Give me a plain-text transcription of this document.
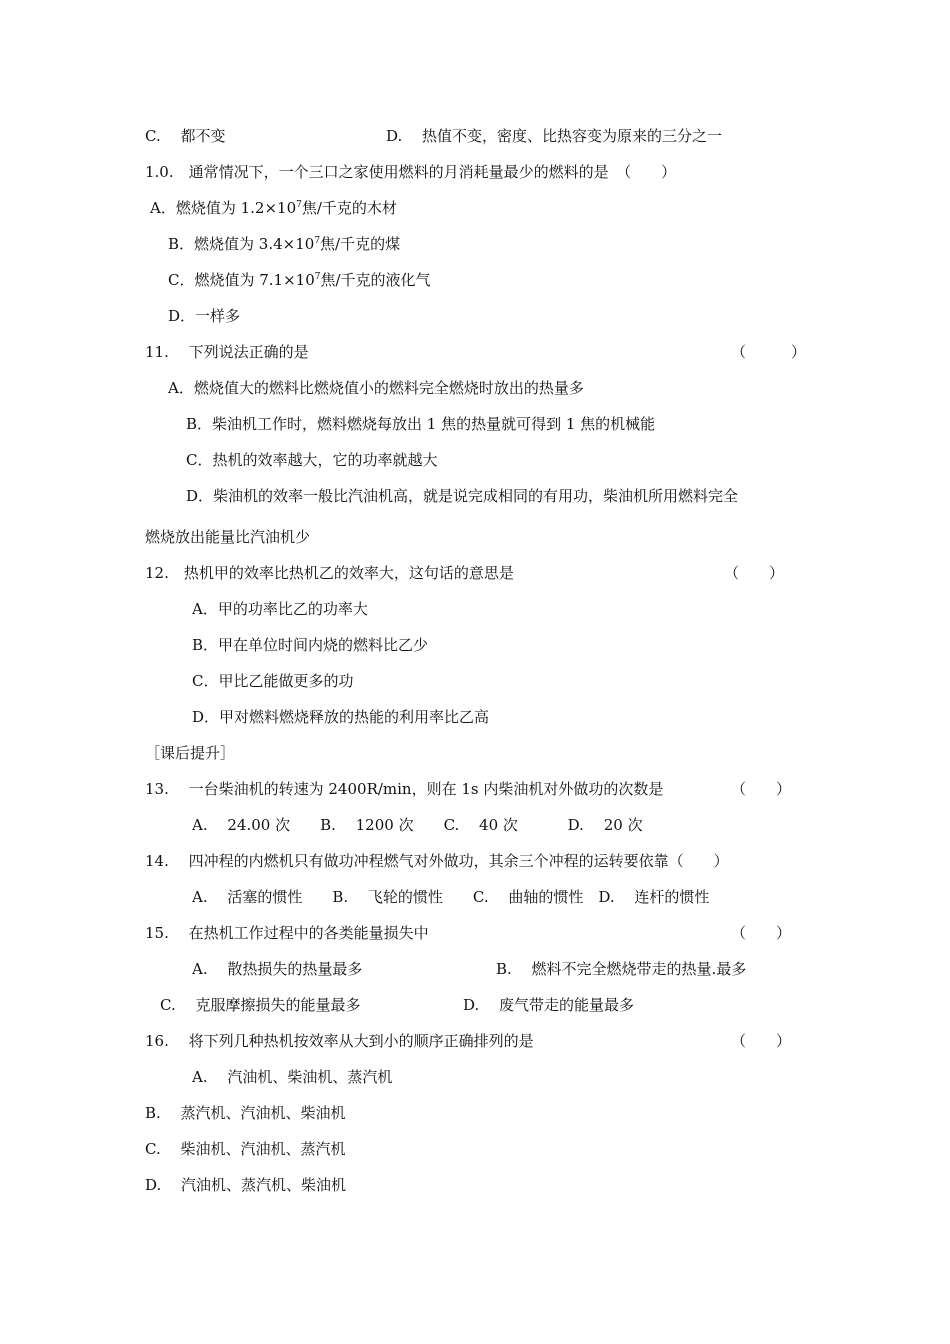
C.　 都不变	D.　 热值不变，密度、比热容变为原来的三分之一
1.0.　通常情况下，一个三口之家使用燃料的月消耗量最少的燃料的是　（　　）
A．燃烧值为 $1.2\times 10^7$焦/千克的木材
B．燃烧值为 $3.4\times 10^7$焦/千克的煤
C．燃烧值为 $7.1\times 10^7$焦/千克的液化气
D．一样多
11.　 下列说法正确的是	（　　　）
A．燃烧值大的燃料比燃烧值小的燃料完全燃烧时放出的热量多
B．柴油机工作时，燃料燃烧每放出 1 焦的热量就可得到 1 焦的机械能
C．热机的效率越大，它的功率就越大
D．柴油机的效率一般比汽油机高，就是说完成相同的有用功，柴油机所用燃料完全
燃烧放出能量比汽油机少
12.　热机甲的效率比热机乙的效率大，这句话的意思是	（　　）
A．甲的功率比乙的功率大
B．甲在单位时间内烧的燃料比乙少
C．甲比乙能做更多的功
D．甲对燃料燃烧释放的热能的利用率比乙高
［课后提升］
13.　 一台柴油机的转速为 2400R/min，则在 1s 内柴油机对外做功的次数是	（　　）
A.　 24.00 次　　B.　 1200 次　　C.　 40 次　　　 D.　 20 次
14.　 四冲程的内燃机只有做功冲程燃气对外做功，其余三个冲程的运转要依靠（　　）
A.　 活塞的惯性　　B.　 飞轮的惯性　　C.　 曲轴的惯性　D.　 连杆的惯性
15.　 在热机工作过程中的各类能量损失中	（　　）
A.　 散热损失的热量最多	B.　 燃料不完全燃烧带走的热量.最多
C.　 克服摩擦损失的能量最多	D.　 废气带走的能量最多
16.　 将下列几种热机按效率从大到小的顺序正确排列的是	（　　）
A.　 汽油机、柴油机、蒸汽机
B.　 蒸汽机、汽油机、柴油机
C.　 柴油机、汽油机、蒸汽机
D.　 汽油机、蒸汽机、柴油机
